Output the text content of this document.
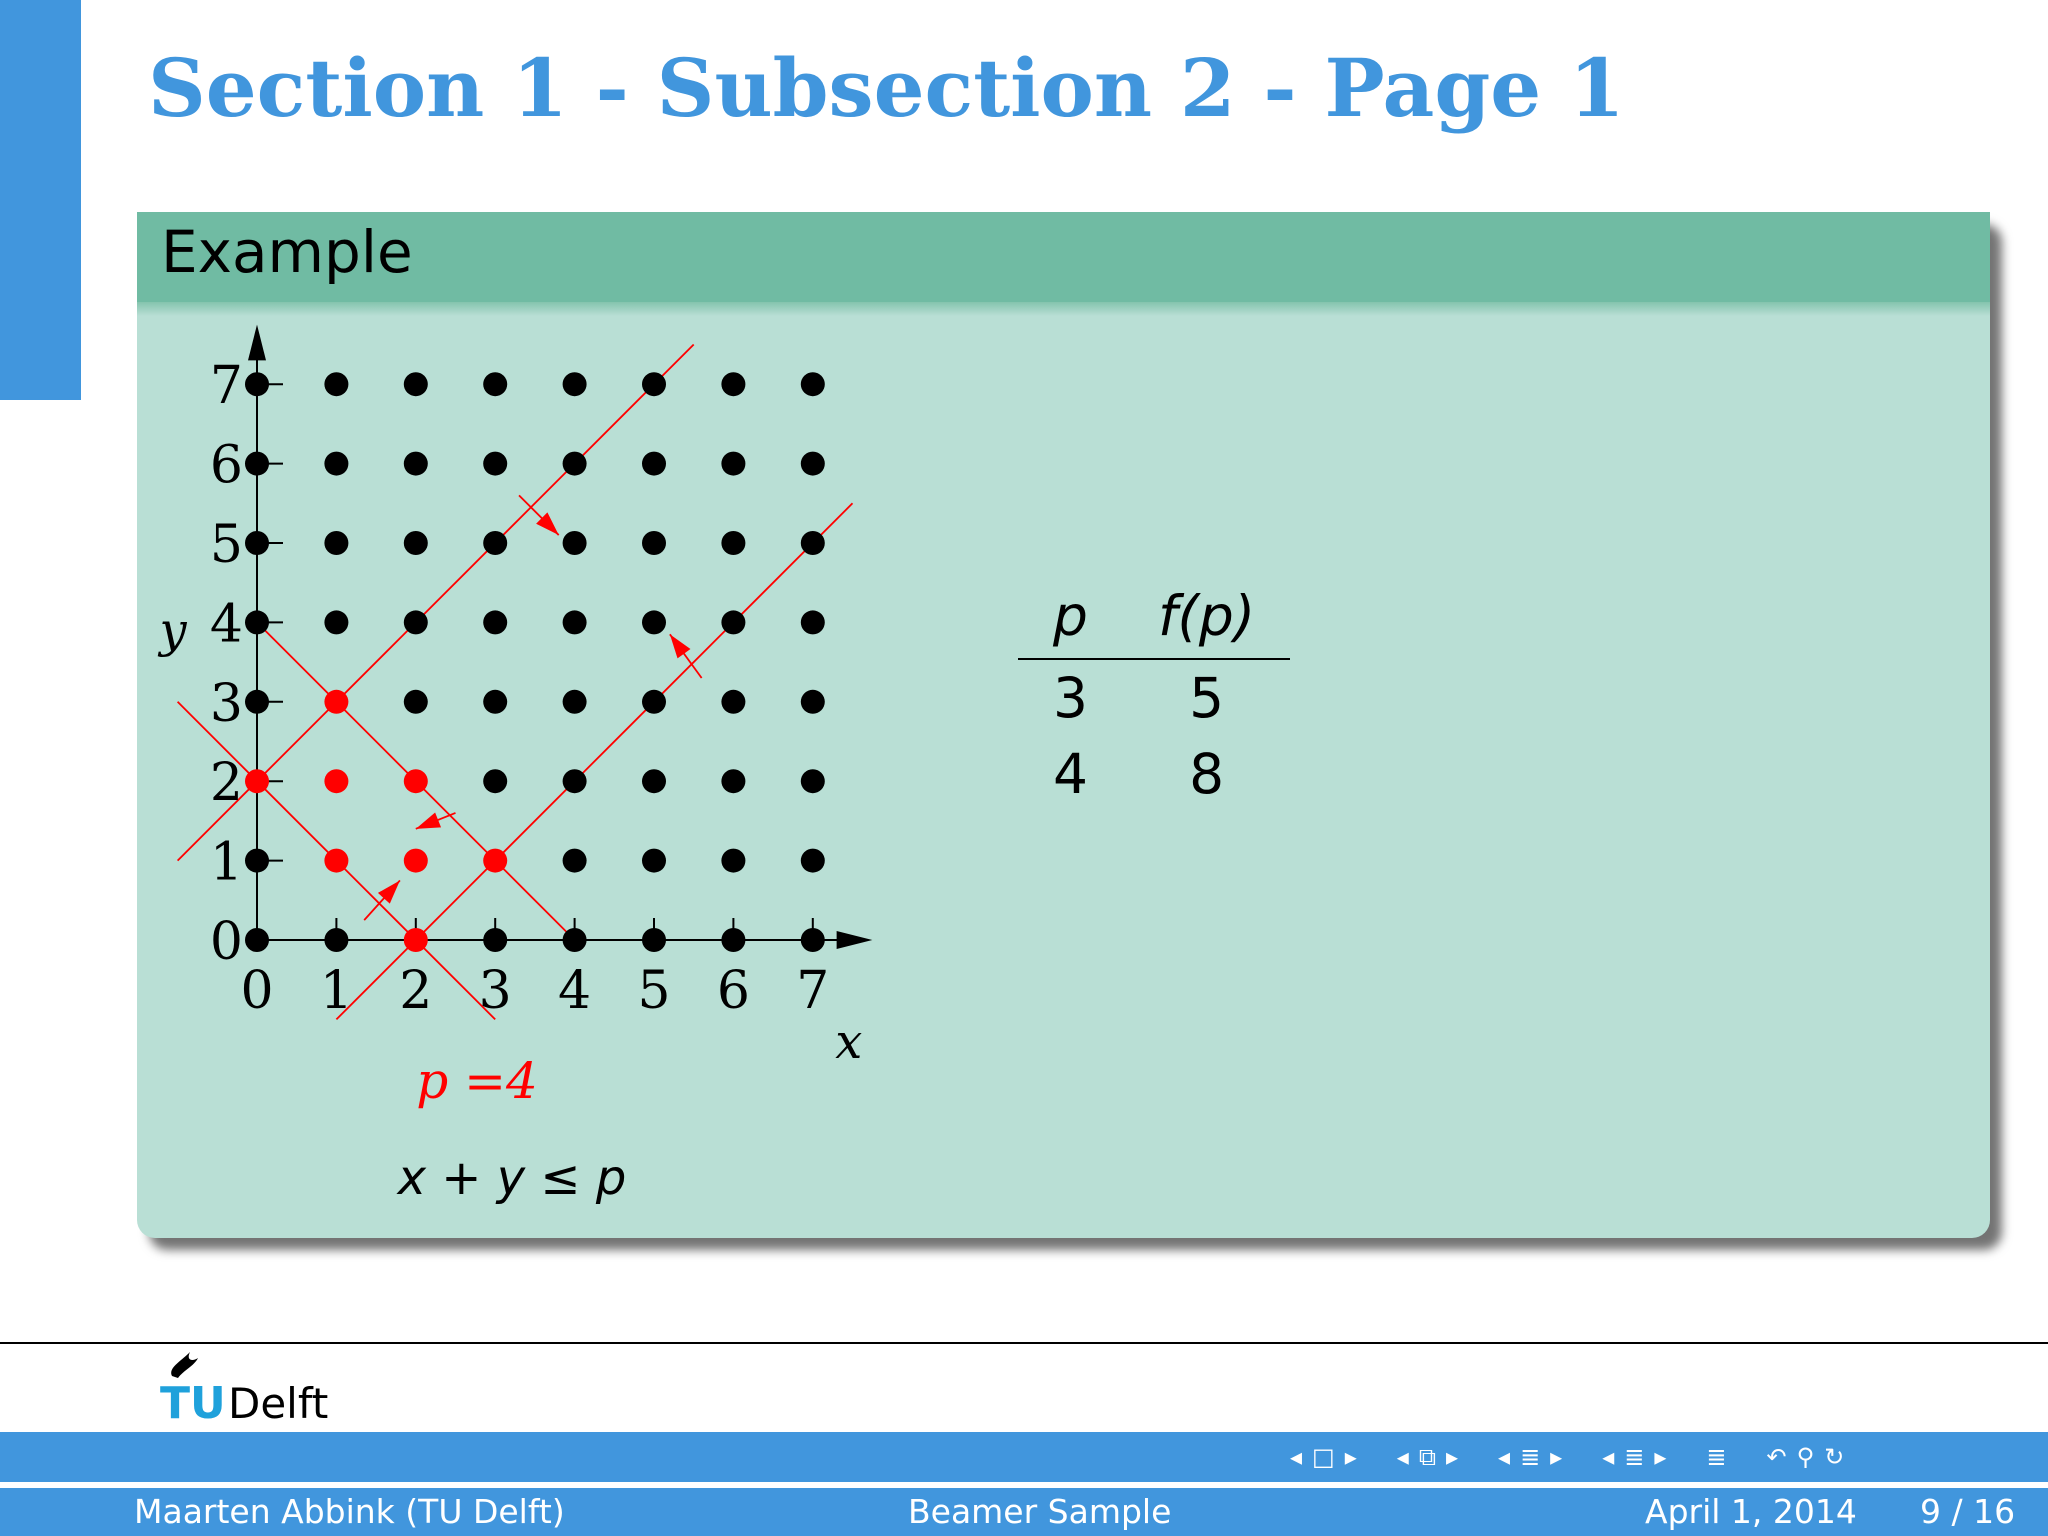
Section 1 - Subsection 2 - Page 1
Example
0 1 2 3 4 5 6 7
0
1
2
3
4
5
6
7
x
y
p =4
x + y ≤ p
p	f(p)
3	5
4	8
TU Delft
◂ □ ▸ ◂ ⧉ ▸ ◂ ≣ ▸ ◂ ≣ ▸ ≣ ↶ ⚲ ↻
Maarten Abbink (TU Delft)	Beamer Sample	April 1, 2014 9 / 16
